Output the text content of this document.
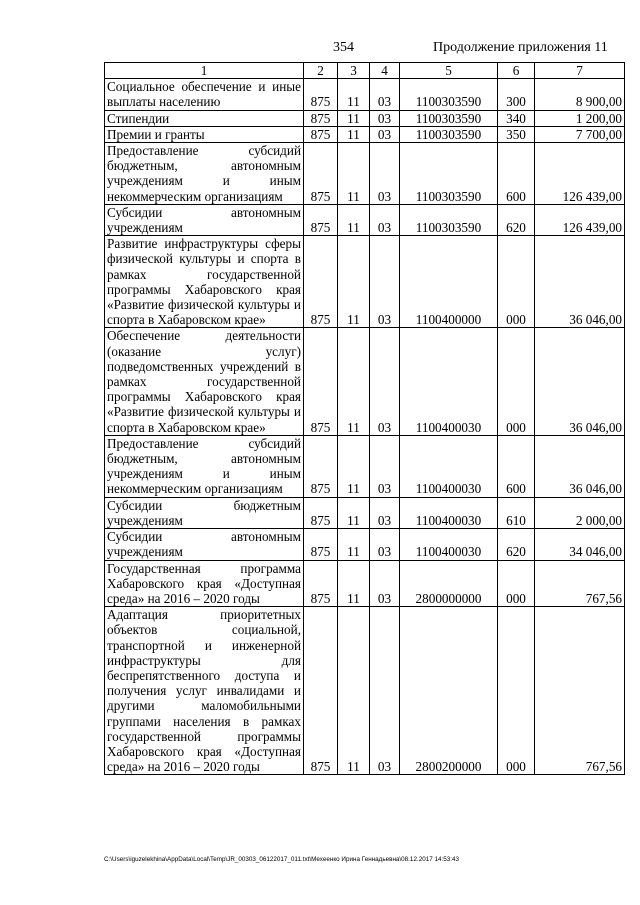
354	Продолжение приложения 11
1	2	3	4	5	6	7
Социальное обеспечение и иные выплаты населению	875	11	03	1100303590	300	8 900,00
Стипендии	875	11	03	1100303590	340	1 200,00
Премии и гранты	875	11	03	1100303590	350	7 700,00
Предоставление субсидий бюджетным, автономным учреждениям и иным некоммерческим организациям	875	11	03	1100303590	600	126 439,00
Субсидии автономным учреждениям	875	11	03	1100303590	620	126 439,00
Развитие инфраструктуры сферы физической культуры и спорта в рамках государственной программы Хабаровского края «Развитие физической культуры и спорта в Хабаровском крае»	875	11	03	1100400000	000	36 046,00
Обеспечение деятельности (оказание услуг) подведомственных учреждений в рамках государственной программы Хабаровского края «Развитие физической культуры и спорта в Хабаровском крае»	875	11	03	1100400030	000	36 046,00
Предоставление субсидий бюджетным, автономным учреждениям и иным некоммерческим организациям	875	11	03	1100400030	600	36 046,00
Субсидии бюджетным учреждениям	875	11	03	1100400030	610	2 000,00
Субсидии автономным учреждениям	875	11	03	1100400030	620	34 046,00
Государственная программа Хабаровского края «Доступная среда» на 2016 – 2020 годы	875	11	03	2800000000	000	767,56
Адаптация приоритетных объектов социальной, транспортной и инженерной инфраструктуры для беспрепятственного доступа и получения услуг инвалидами и другими маломобильными группами населения в рамках государственной программы Хабаровского края «Доступная среда» на 2016 – 2020 годы	875	11	03	2800200000	000	767,56
C:\Users\iguzelekhina\AppData\Local\Temp\JR_00303_06122017_011.txt\Мехеенко Ирина Геннадьевна\08.12.2017 14:53:43
